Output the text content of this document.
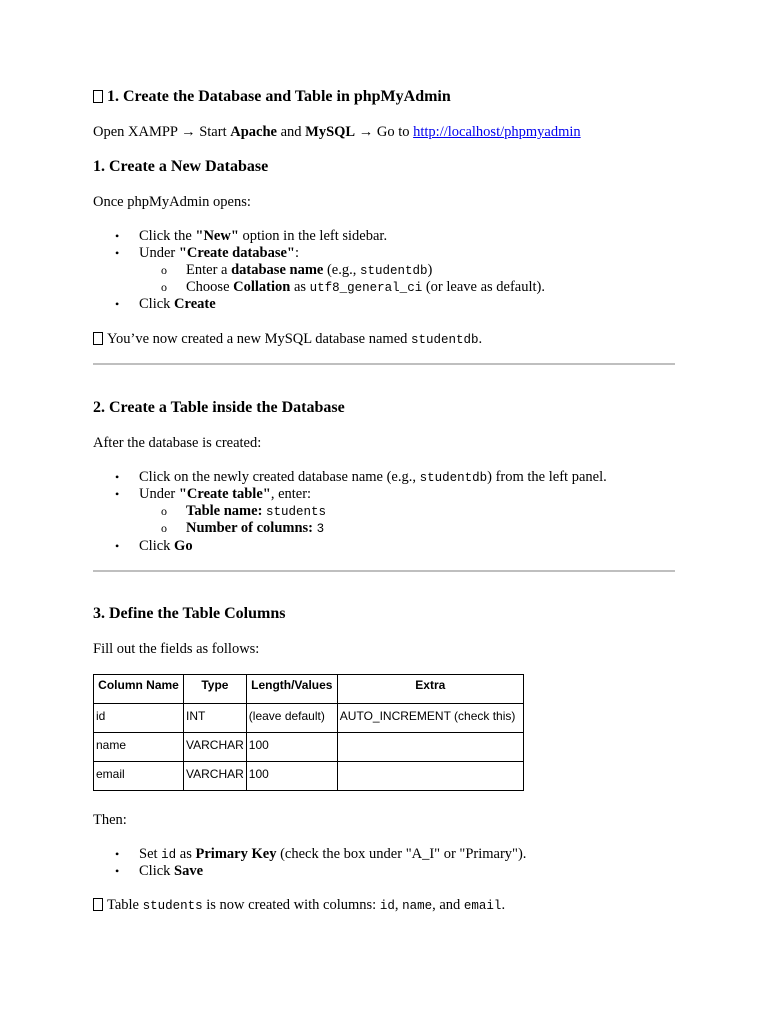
1. Create the Database and Table in phpMyAdmin
Open XAMPP → Start Apache and MySQL → Go to http://localhost/phpmyadmin
1. Create a New Database
Once phpMyAdmin opens:
• Click the "New" option in the left sidebar.
• Under "Create database":
o Enter a database name (e.g., studentdb)
o Choose Collation as utf8_general_ci (or leave as default).
• Click Create
You’ve now created a new MySQL database named studentdb.
2. Create a Table inside the Database
After the database is created:
• Click on the newly created database name (e.g., studentdb) from the left panel.
• Under "Create table", enter:
o Table name: students
o Number of columns: 3
• Click Go
3. Define the Table Columns
Fill out the fields as follows:
Column Name	Type	Length/Values	Extra
id	INT	(leave default)	AUTO_INCREMENT (check this)
name	VARCHAR	100	
email	VARCHAR	100	
Then:
• Set id as Primary Key (check the box under "A_I" or "Primary").
• Click Save
Table students is now created with columns: id, name, and email.
